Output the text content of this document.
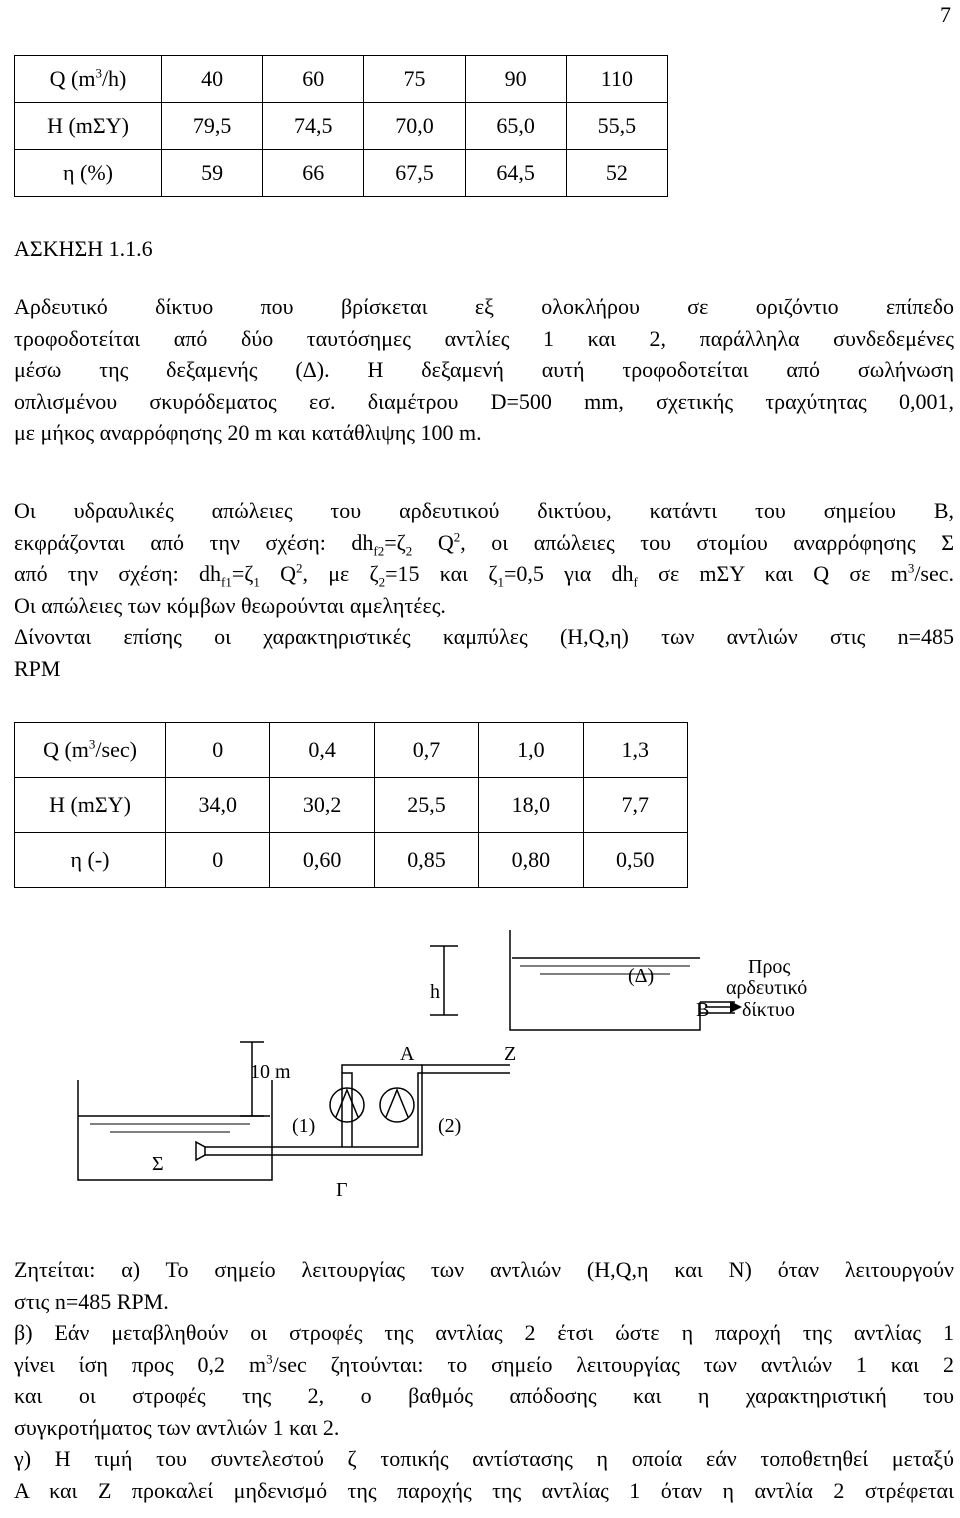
7
Q $(m^3/h)$	40	60	75	90	110
H (mΣΥ)	79,5	74,5	70,0	65,0	55,5
η (%)	59	66	67,5	64,5	52
ΑΣΚΗΣΗ 1.1.6
Αρδευτικό δίκτυο που βρίσκεται εξ ολοκλήρου σε οριζόντιο επίπεδο
τροφοδοτείται από δύο ταυτόσημες αντλίες 1 και 2, παράλληλα συνδεδεμένες
μέσω της δεξαμενής (Δ). Η δεξαμενή αυτή τροφοδοτείται από σωλήνωση
οπλισμένου σκυρόδεματος εσ. διαμέτρου D=500 mm, σχετικής τραχύτητας 0,001,
με μήκος αναρρόφησης 20 m και κατάθλιψης 100 m.
Οι υδραυλικές απώλειες του αρδευτικού δικτύου, κατάντι του σημείου Β,
εκφράζονται από την σχέση: $dh_{f2}=\zeta_2$ $Q^2$, οι απώλειες του στομίου αναρρόφησης Σ
από την σχέση: $dh_{f1}=\zeta_1$ $Q^2$, με $\zeta_2=15$ και $\zeta_1=0,5$ για $dh_f$ σε mΣΥ και Q σε $m^3/\sec$.
Οι απώλειες των κόμβων θεωρούνται αμελητέες.
Δίνονται επίσης οι χαρακτηριστικές καμπύλες (H,Q,η) των αντλιών στις n=485
RPM
Q $(m^3/\sec)$	0	0,4	0,7	1,0	1,3
H (mΣΥ)	34,0	30,2	25,5	18,0	7,7
η (-)	0	0,60	0,85	0,80	0,50
h
(Δ)	Προς
αρδευτικό
δίκτυο
B
A	Z
10 m
(1)	(2)
Σ
Γ
Ζητείται: α) Το σημείο λειτουργίας των αντλιών (H,Q,η και N) όταν λειτουργούν
στις n=485 RPM.
β) Εάν μεταβληθούν οι στροφές της αντλίας 2 έτσι ώστε η παροχή της αντλίας 1
γίνει ίση προς 0,2 $m^3/\sec$ ζητούνται: το σημείο λειτουργίας των αντλιών 1 και 2
και οι στροφές της 2, ο βαθμός απόδοσης και η χαρακτηριστική του
συγκροτήματος των αντλιών 1 και 2.
γ) Η τιμή του συντελεστού ζ τοπικής αντίστασης η οποία εάν τοποθετηθεί μεταξύ
Α και Ζ προκαλεί μηδενισμό της παροχής της αντλίας 1 όταν η αντλία 2 στρέφεται
